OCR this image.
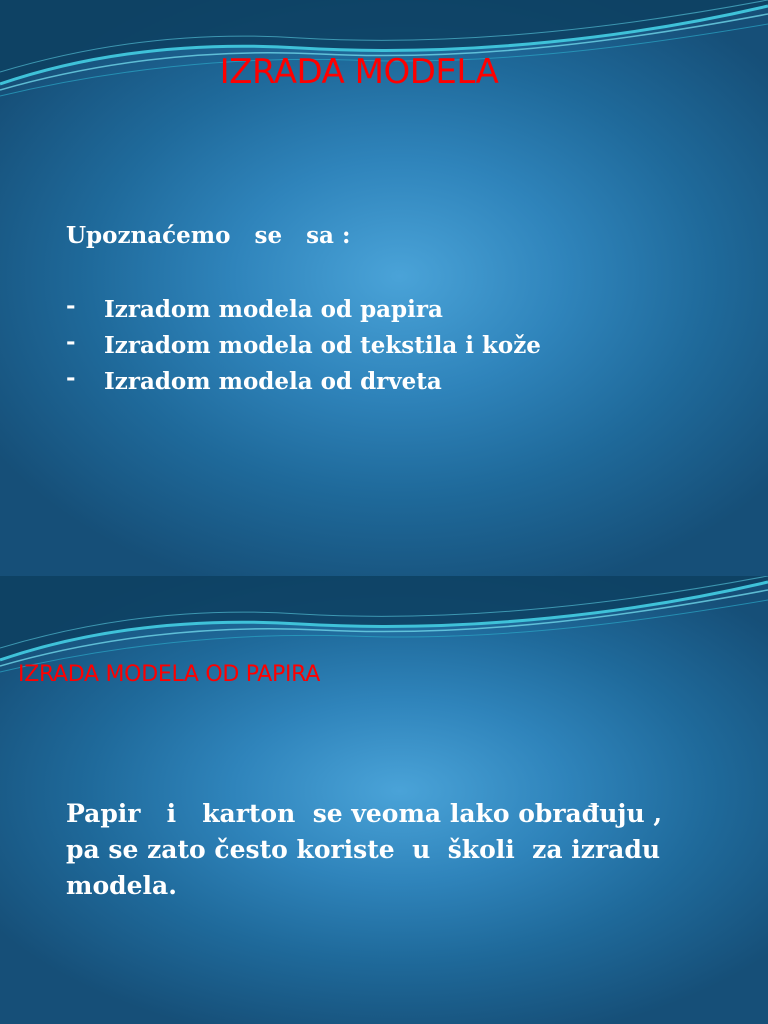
IZRADA MODELA
Upoznaćemo   se   sa :
- Izradom modela od papira
- Izradom modela od tekstila i kože
- Izradom modela od drveta
IZRADA MODELA OD PAPIRA
Papir   i   karton  se veoma lako obrađuju ,
pa se zato često koriste  u  školi  za izradu modela.
